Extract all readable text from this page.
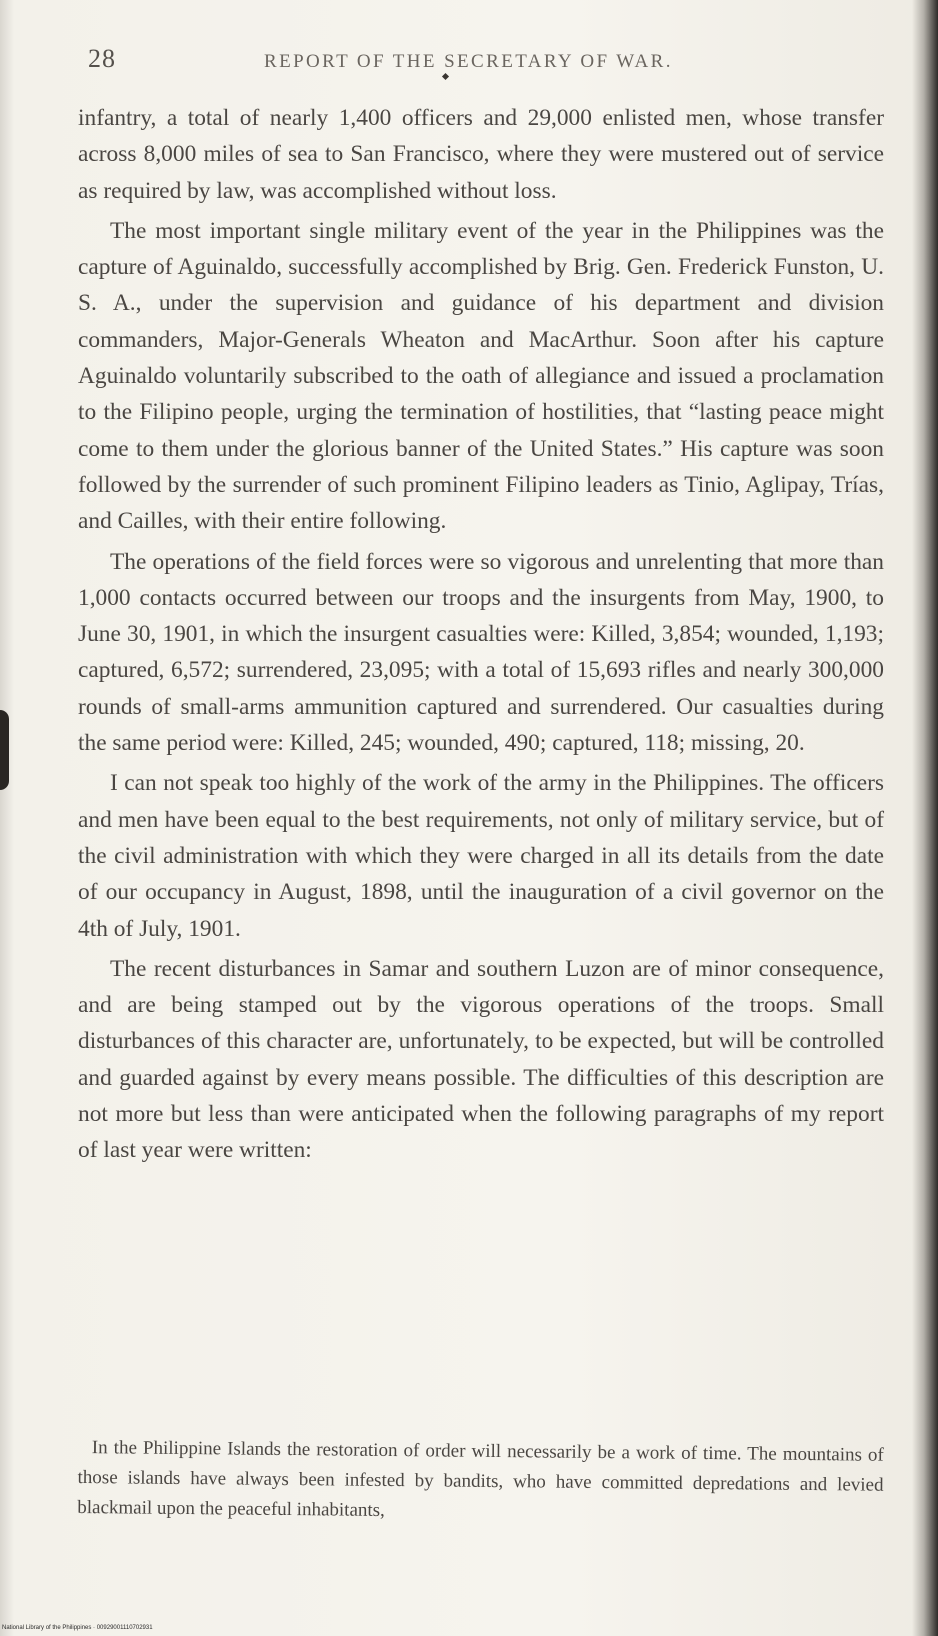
28	REPORT OF THE SECRETARY OF WAR.

infantry, a total of nearly 1,400 officers and 29,000 enlisted men, whose transfer across 8,000 miles of sea to San Francisco, where they were mustered out of service as required by law, was accomplished without loss.

The most important single military event of the year in the Philippines was the capture of Aguinaldo, successfully accomplished by Brig. Gen. Frederick Funston, U. S. A., under the supervision and guidance of his department and division commanders, Major-Generals Wheaton and MacArthur. Soon after his capture Aguinaldo voluntarily subscribed to the oath of allegiance and issued a proclamation to the Filipino people, urging the termination of hostilities, that “lasting peace might come to them under the glorious banner of the United States.” His capture was soon followed by the surrender of such prominent Filipino leaders as Tinio, Aglipay, Trías, and Cailles, with their entire following.

The operations of the field forces were so vigorous and unrelenting that more than 1,000 contacts occurred between our troops and the insurgents from May, 1900, to June 30, 1901, in which the insurgent casualties were: Killed, 3,854; wounded, 1,193; captured, 6,572; surrendered, 23,095; with a total of 15,693 rifles and nearly 300,000 rounds of small-arms ammunition captured and surrendered. Our casualties during the same period were: Killed, 245; wounded, 490; captured, 118; missing, 20.

I can not speak too highly of the work of the army in the Philippines. The officers and men have been equal to the best requirements, not only of military service, but of the civil administration with which they were charged in all its details from the date of our occupancy in August, 1898, until the inauguration of a civil governor on the 4th of July, 1901.

The recent disturbances in Samar and southern Luzon are of minor consequence, and are being stamped out by the vigorous operations of the troops. Small disturbances of this character are, unfortunately, to be expected, but will be controlled and guarded against by every means possible. The difficulties of this description are not more but less than were anticipated when the following paragraphs of my report of last year were written:

In the Philippine Islands the restoration of order will necessarily be a work of time. The mountains of those islands have always been infested by bandits, who have committed depredations and levied blackmail upon the peaceful inhabitants,
National Library of the Philippines · 00929001110702931
